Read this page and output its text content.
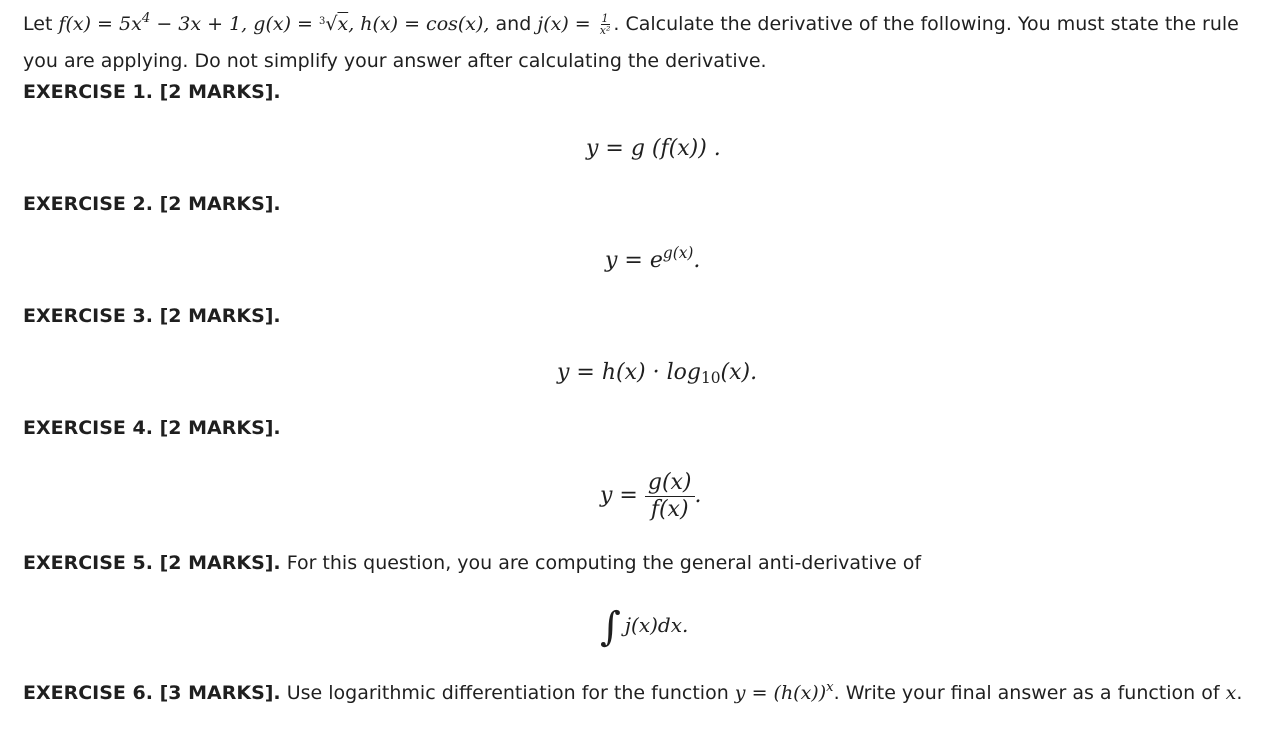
Let $f(x) = 5x^4 - 3x + 1$, g(x) = $^3$√x, h(x) = cos(x), and $j(x) = \frac{1}{\text{x²}}$ . Calculate the derivative of the following. You must state the rule

you are applying. Do not simplify your answer after calculating the derivative.

EXERCISE 1. [2 MARKS].
y = g (f(x)) .
EXERCISE 2. [2 MARKS].
$y = e^{g(x)}$.
EXERCISE 3. [2 MARKS].
$y = h(x) \cdot \log_{10}(x)$.
EXERCISE 4. [2 MARKS].
$y = \frac{g(x)}{f(x)}$ .
EXERCISE 5. [2 MARKS]. For this question, you are computing the general anti-derivative of
∫ j(x)dx.
EXERCISE 6. [3 MARKS]. Use logarithmic differentiation for the function $y = (h(x))^x$. Write your final answer as a function of x.
